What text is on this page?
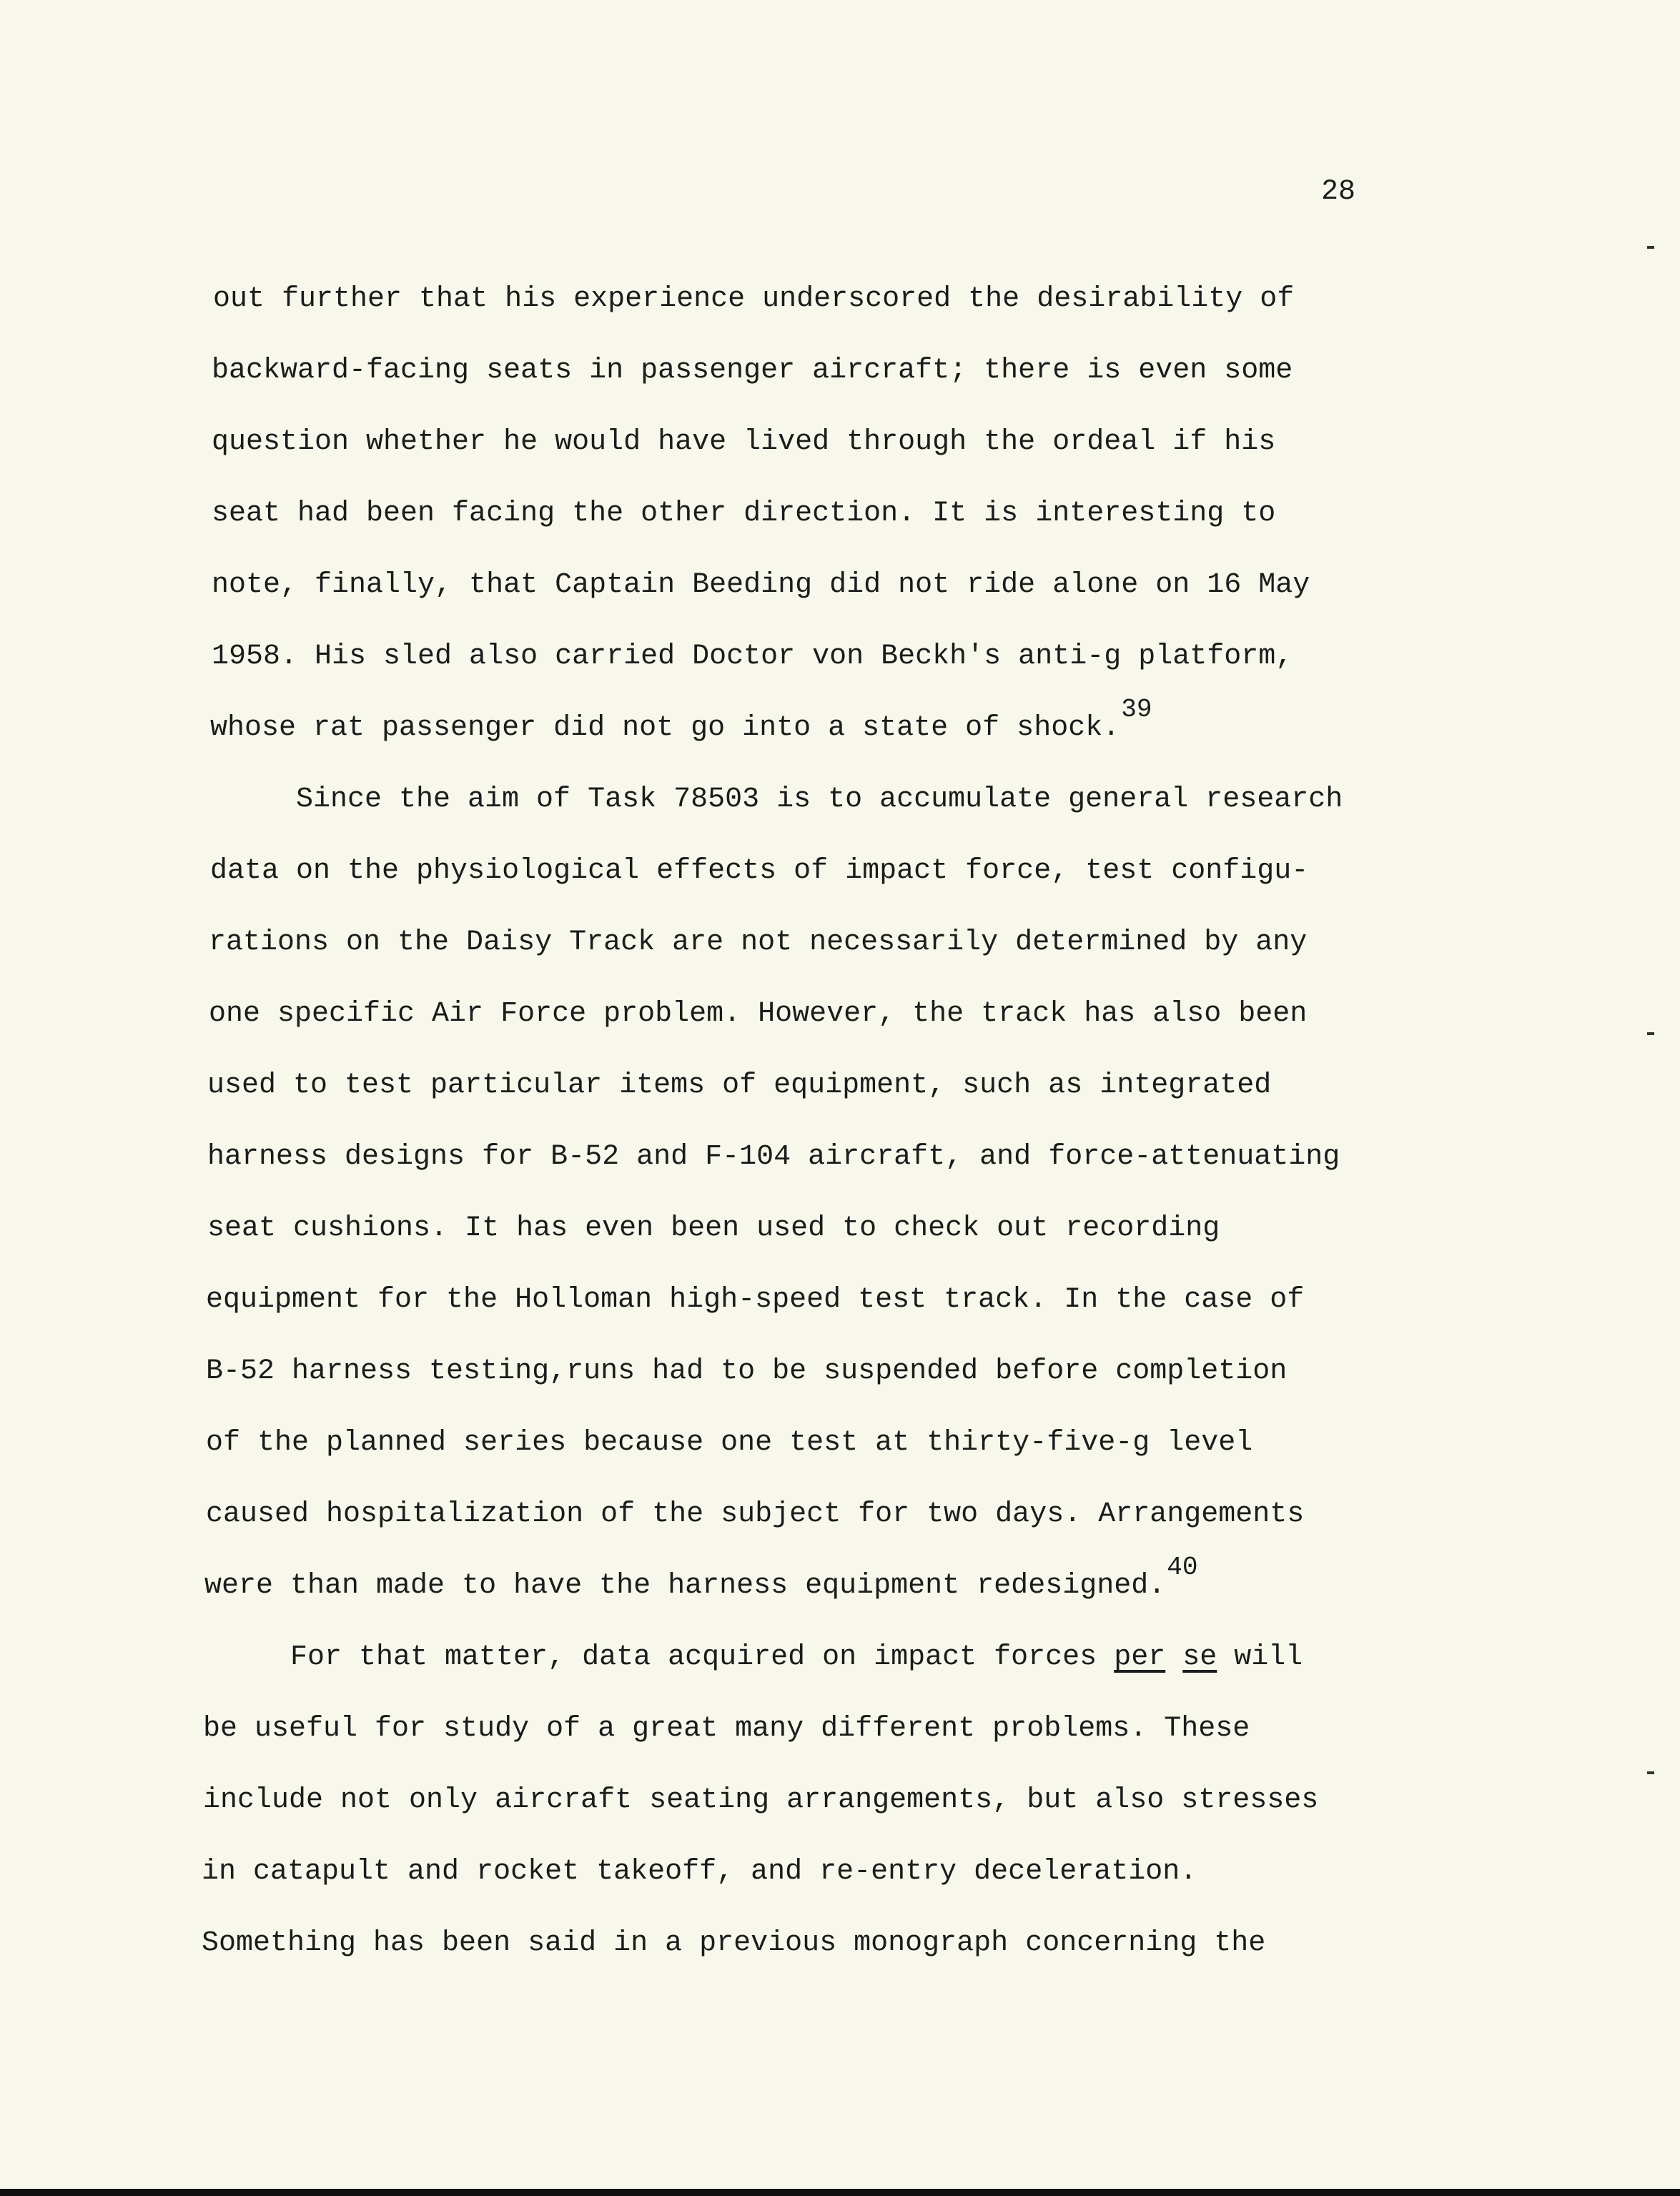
28
out further that his experience underscored the desirability of
backward-facing seats in passenger aircraft; there is even some
question whether he would have lived through the ordeal if his
seat had been facing the other direction. It is interesting to
note, finally, that Captain Beeding did not ride alone on 16 May
1958. His sled also carried Doctor von Beckh's anti-g platform,
whose rat passenger did not go into a state of shock.39
Since the aim of Task 78503 is to accumulate general research
data on the physiological effects of impact force, test configu-
rations on the Daisy Track are not necessarily determined by any
one specific Air Force problem. However, the track has also been
used to test particular items of equipment, such as integrated
harness designs for B-52 and F-104 aircraft, and force-attenuating
seat cushions. It has even been used to check out recording
equipment for the Holloman high-speed test track. In the case of
B-52 harness testing,runs had to be suspended before completion
of the planned series because one test at thirty-five-g level
caused hospitalization of the subject for two days. Arrangements
were than made to have the harness equipment redesigned.40
For that matter, data acquired on impact forces per se will
be useful for study of a great many different problems. These
include not only aircraft seating arrangements, but also stresses
in catapult and rocket takeoff, and re-entry deceleration.
Something has been said in a previous monograph concerning the
